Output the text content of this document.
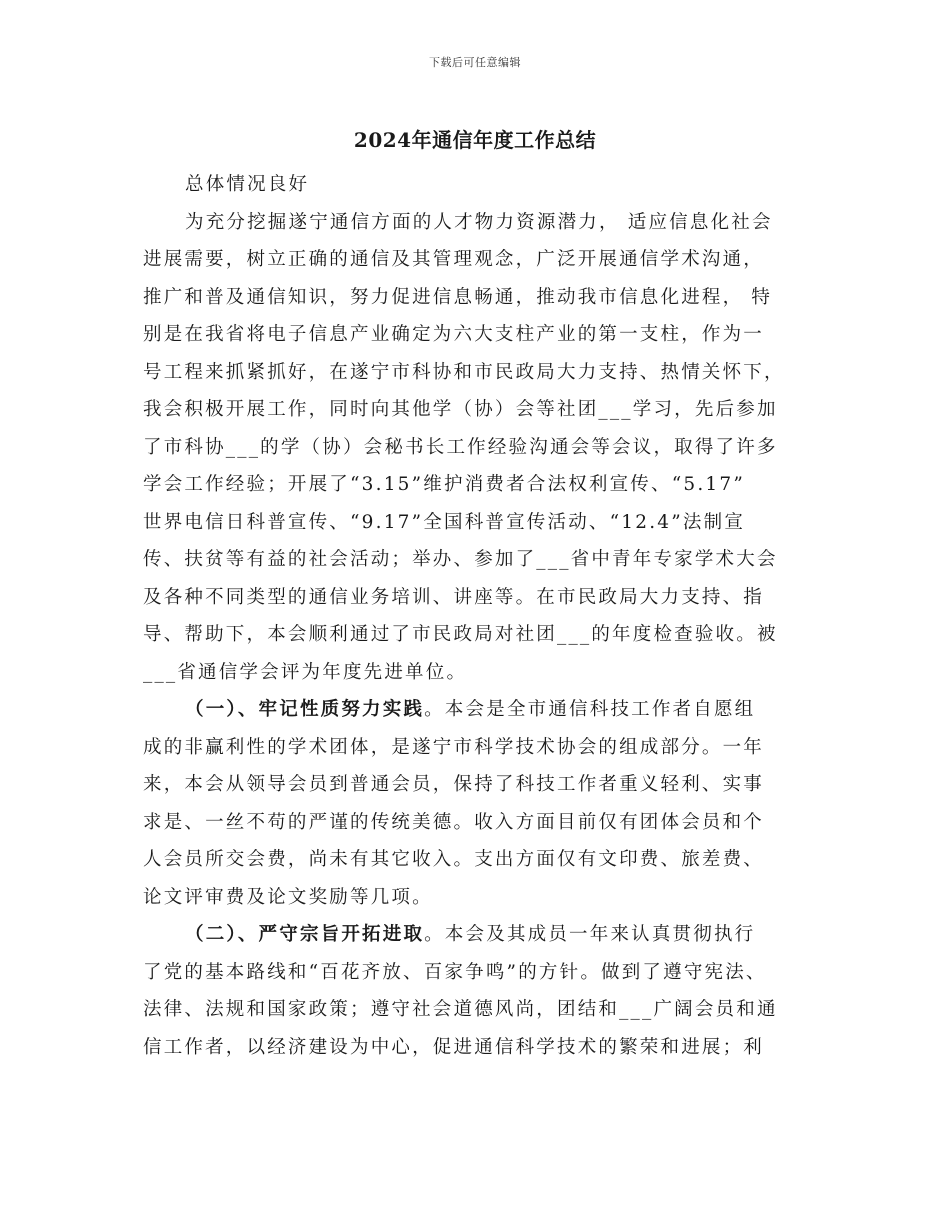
下载后可任意编辑
2024年通信年度工作总结
总体情况良好
为充分挖掘遂宁通信方面的人才物力资源潜力， 适应信息化社会
进展需要，树立正确的通信及其管理观念，广泛开展通信学术沟通，
推广和普及通信知识，努力促进信息畅通，推动我市信息化进程， 特
别是在我省将电子信息产业确定为六大支柱产业的第一支柱，作为一
号工程来抓紧抓好，在遂宁市科协和市民政局大力支持、热情关怀下，
我会积极开展工作，同时向其他学（协）会等社团___学习，先后参加
了市科协___的学（协）会秘书长工作经验沟通会等会议，取得了许多
学会工作经验；开展了“3.15”维护消费者合法权利宣传、“5.17”
世界电信日科普宣传、“9.17”全国科普宣传活动、“12.4”法制宣
传、扶贫等有益的社会活动；举办、参加了___省中青年专家学术大会
及各种不同类型的通信业务培训、讲座等。在市民政局大力支持、指
导、帮助下，本会顺利通过了市民政局对社团___的年度检查验收。被
___省通信学会评为年度先进单位。
（一）、牢记性质努力实践。本会是全市通信科技工作者自愿组
成的非赢利性的学术团体，是遂宁市科学技术协会的组成部分。一年
来，本会从领导会员到普通会员，保持了科技工作者重义轻利、实事
求是、一丝不苟的严谨的传统美德。收入方面目前仅有团体会员和个
人会员所交会费，尚未有其它收入。支出方面仅有文印费、旅差费、
论文评审费及论文奖励等几项。
（二）、严守宗旨开拓进取。本会及其成员一年来认真贯彻执行
了党的基本路线和“百花齐放、百家争鸣”的方针。做到了遵守宪法、
法律、法规和国家政策；遵守社会道德风尚，团结和___广阔会员和通
信工作者，以经济建设为中心，促进通信科学技术的繁荣和进展；利
